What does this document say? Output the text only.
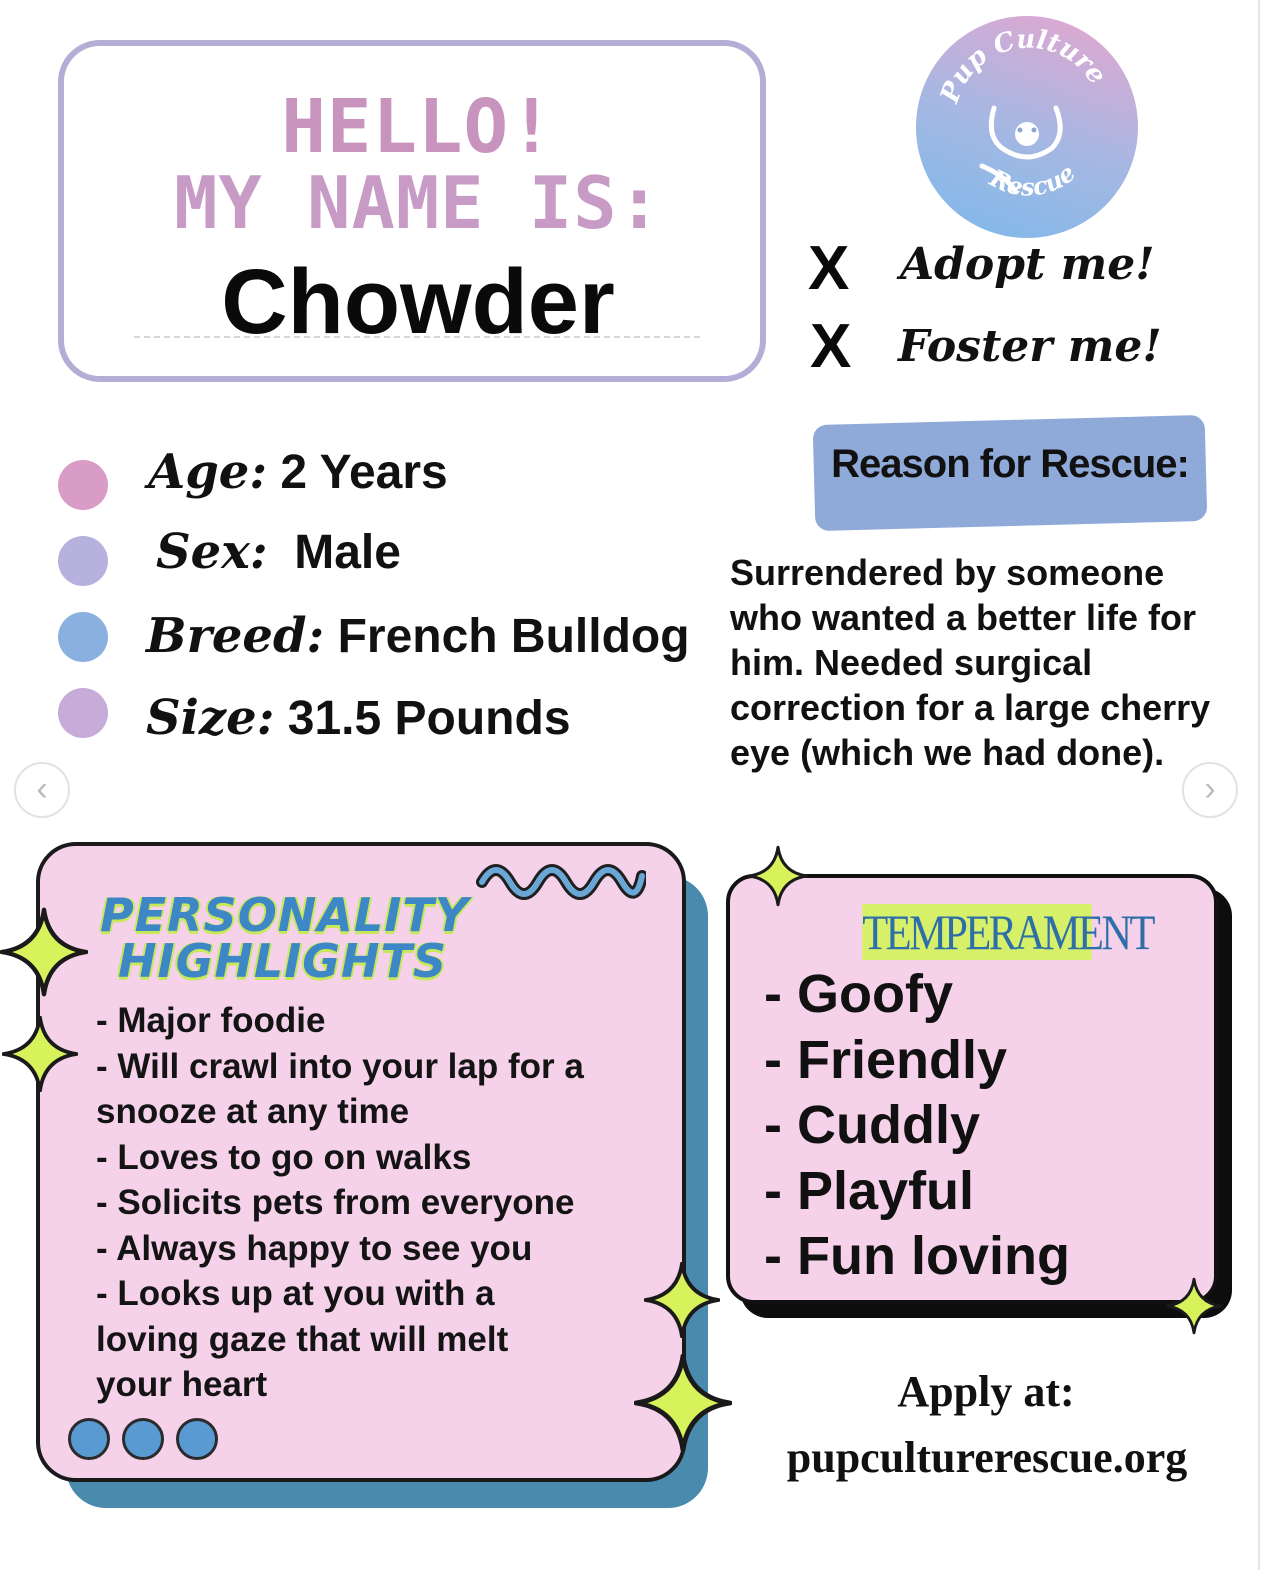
HELLO!
MY NAME IS:
Chowder
Pup Culture
Rescue
X Adopt me!
X Foster me!
Age: 2 Years
Sex: Male
Breed: French Bulldog
Size: 31.5 Pounds
Reason for Rescue:
Surrendered by someone
who wanted a better life for
him. Needed surgical
correction for a large cherry
eye (which we had done).
‹	›
PERSONALITY
HIGHLIGHTS
- Major foodie
- Will crawl into your lap for a
snooze at any time
- Loves to go on walks
- Solicits pets from everyone
- Always happy to see you
- Looks up at you with a
loving gaze that will melt
your heart
TEMPERAMENT
- Goofy
- Friendly
- Cuddly
- Playful
- Fun loving
Apply at:
pupculturerescue.org
